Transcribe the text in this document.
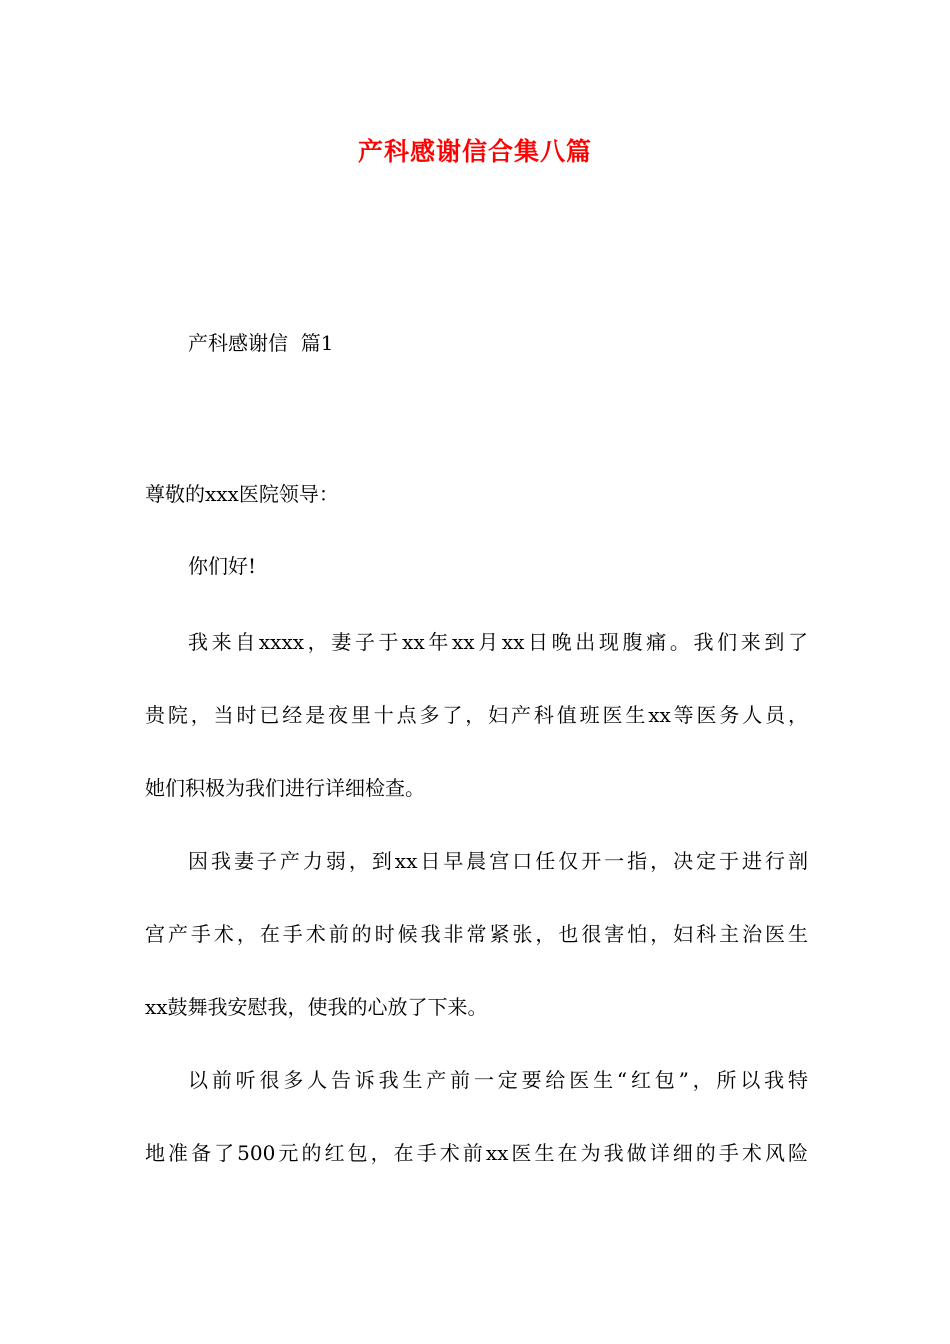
产科感谢信合集八篇
产科感谢信  篇1
尊敬的xxx医院领导：
你们好!
我来自xxxx，妻子于xx年xx月xx日晚出现腹痛。我们来到了
贵院，当时已经是夜里十点多了，妇产科值班医生xx等医务人员，
她们积极为我们进行详细检查。
因我妻子产力弱，到xx日早晨宫口任仅开一指，决定于进行剖
宫产手术，在手术前的时候我非常紧张，也很害怕，妇科主治医生
xx鼓舞我安慰我，使我的心放了下来。
以前听很多人告诉我生产前一定要给医生“红包”，所以我特
地准备了500元的红包，在手术前xx医生在为我做详细的手术风险
